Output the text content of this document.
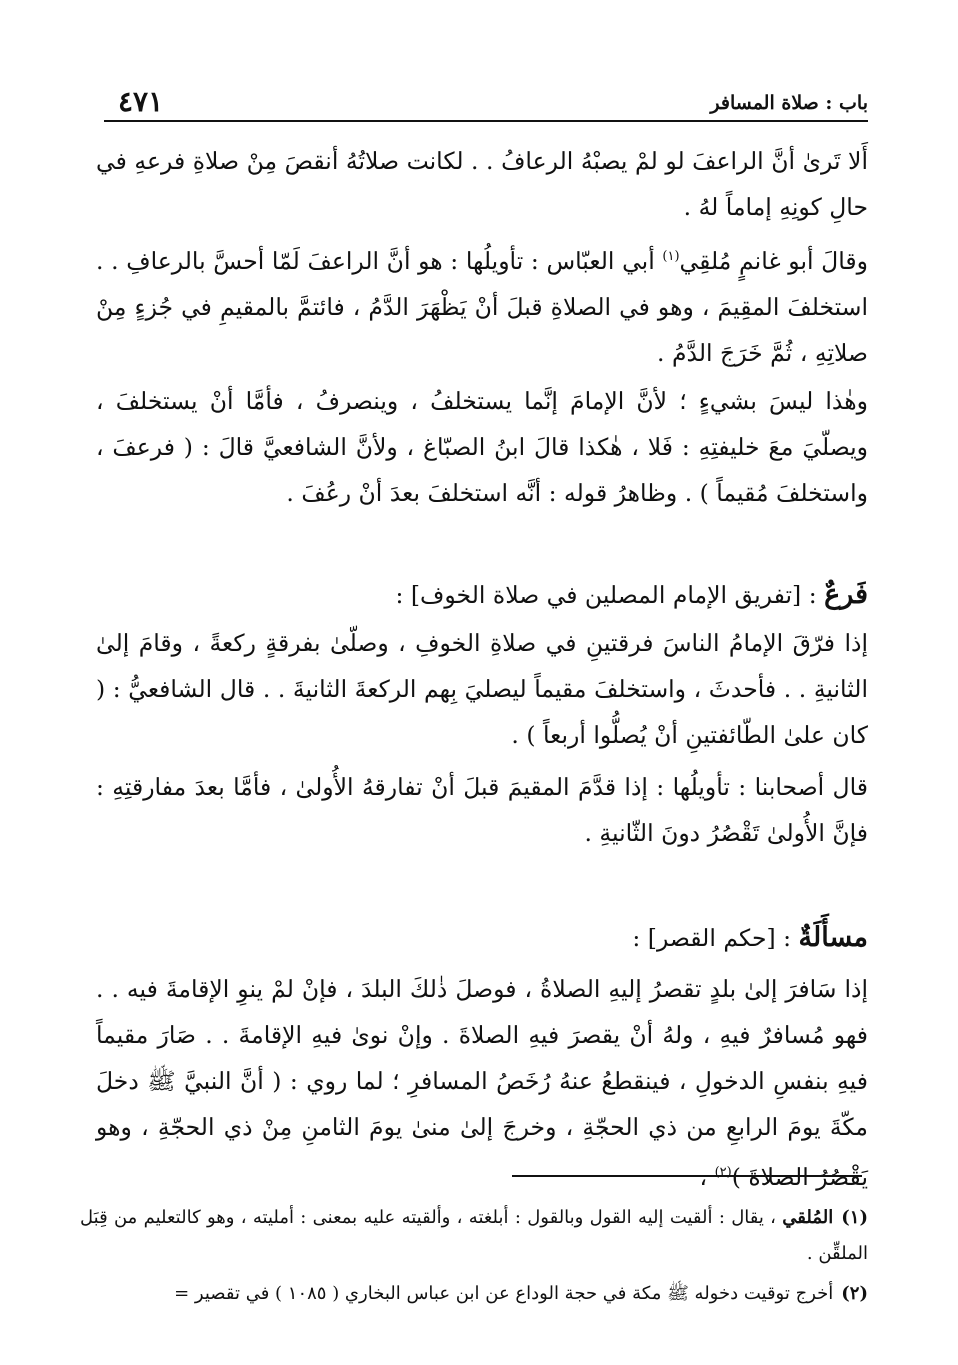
باب : صلاة المسافر
٤٧١

أَلا تَرىٰ أنَّ الراعفَ لو لمْ يصبْهُ الرعافُ . . لكانت صلاتُهُ أنقصَ مِنْ صلاةِ فرعهِ في حالِ كونِهِ إماماً لهُ .

وقالَ أبو غانمٍ مُلقِي$^{(١)}$ أبي العبّاس : تأويلُها : هو أنَّ الراعفَ لَمّا أحسَّ بالرعافِ . . استخلفَ المقِيمَ ، وهو في الصلاةِ قبلَ أنْ يَظْهَرَ الدَّمُ ، فائتمَّ بالمقيمِ في جُزءٍ مِنْ صلاتِهِ ، ثُمَّ خَرَجَ الدَّمُ .

وهٰذا ليسَ بشيءٍ ؛ لأنَّ الإمامَ إنَّما يستخلفُ ، وينصرفُ ، فأمَّا أنْ يستخلفَ ، ويصلّيَ معَ خليفتِهِ : فَلا ، هٰكذا قالَ ابنُ الصبّاغ ، ولأنَّ الشافعيَّ قالَ : ( فرعفَ ، واستخلفَ مُقيماً ) . وظاهرُ قوله : أنَّه استخلفَ بعدَ أنْ رعُفَ .

فَرعٌ : [تفريق الإمام المصلين في صلاة الخوف] :

إذا فرّقَ الإمامُ الناسَ فرقتينِ في صلاةِ الخوفِ ، وصلّىٰ بفرقةٍ ركعةً ، وقامَ إلىٰ الثانيةِ . . فأحدثَ ، واستخلفَ مقيماً ليصليَ بِهم الركعةَ الثانيةَ . . قال الشافعيُّ : ( كان علىٰ الطّائفتينِ أنْ يُصلُّوا أربعاً ) .

قال أصحابنا : تأويلُها : إذا قدَّمَ المقيمَ قبلَ أنْ تفارقهُ الأُولىٰ ، فأمَّا بعدَ مفارقتِهِ : فإنَّ الأُولىٰ تَقْصُرُ دونَ الثّانيةِ .

مسأَلَةٌ : [حكم القصر] :

إذا سَافرَ إلىٰ بلدٍ تقصرُ إليهِ الصلاةُ ، فوصلَ ذٰلكَ البلدَ ، فإنْ لمْ ينوِ الإقامةَ فيه . . فهو مُسافرٌ فيهِ ، ولهُ أنْ يقصرَ فيهِ الصلاةَ . وإنْ نوىٰ فيهِ الإقامةَ . . صَارَ مقيماً فيهِ بنفسِ الدخولِ ، فينقطعُ عنهُ رُخَصُ المسافرِ ؛ لما روي : ( أنَّ النبيَّ ﷺ دخلَ مكّةَ يومَ الرابعِ من ذي الحجّةِ ، وخرجَ إلىٰ منىٰ يومَ الثامنِ مِنْ ذي الحجّةِ ، وهو يَقْصُرُ الصلاةَ )$^{(٢)}$ ،

(١)المُلقي ، يقال : ألقيت إليه القول وبالقول : أبلغته ، وألقيته عليه بمعنى : أمليته ، وهو كالتعليم من قِبَل الملقِّن .

(٢)أخرج توقيت دخوله ﷺ مكة في حجة الوداع عن ابن عباس البخاري ( ١٠٨٥ ) في تقصير =
